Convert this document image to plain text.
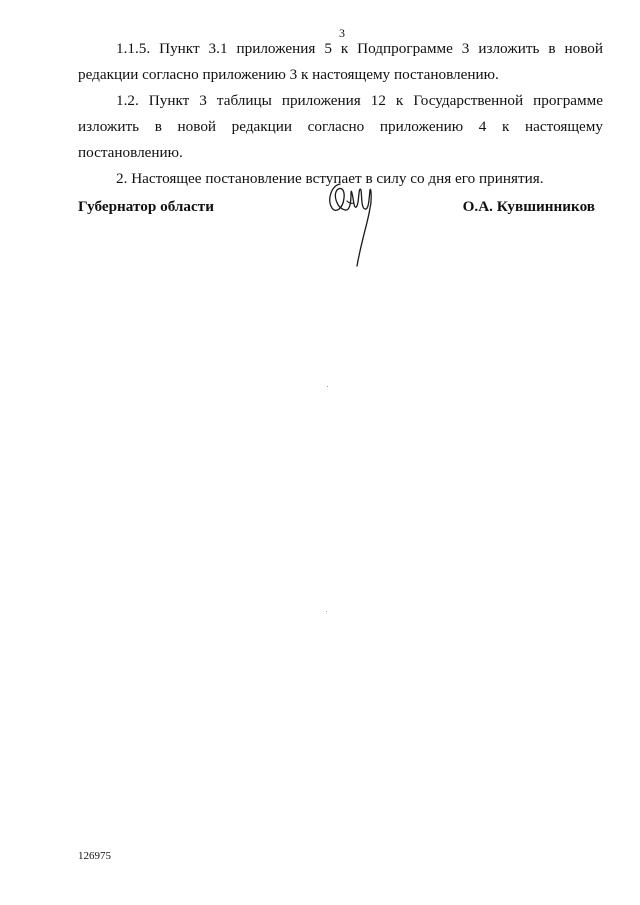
3

1.1.5. Пункт 3.1 приложения 5 к Подпрограмме 3 изложить в новой редакции согласно приложению 3 к настоящему постановлению.

1.2. Пункт 3 таблицы приложения 12 к Государственной программе изложить в новой редакции согласно приложению 4 к настоящему постановлению.

2. Настоящее постановление вступает в силу со дня его принятия.

Губернатор области	О.А. Кувшинников
126975
